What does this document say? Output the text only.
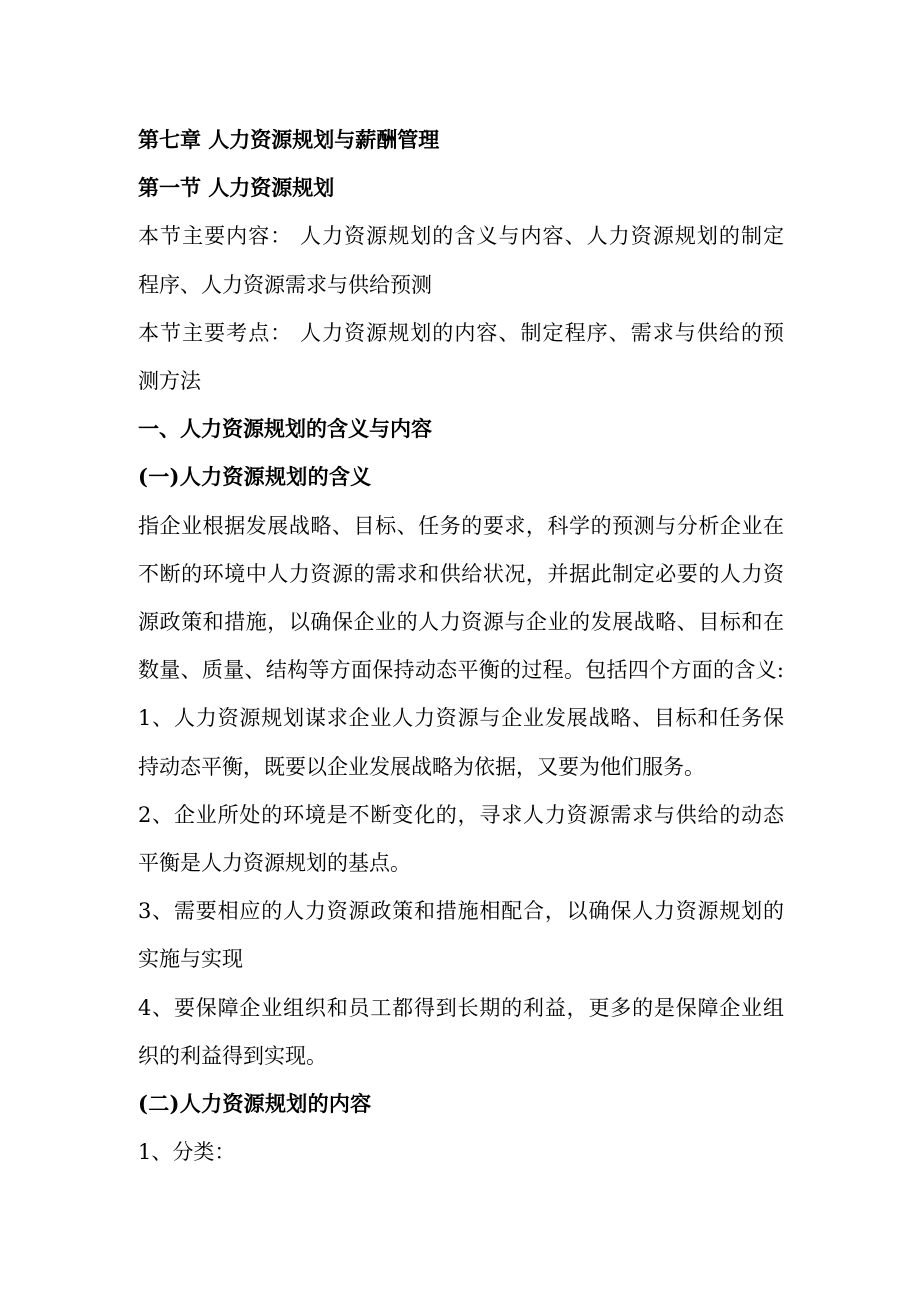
第七章 人力资源规划与薪酬管理

第一节 人力资源规划

本节主要内容： 人力资源规划的含义与内容、人力资源规划的制定

程序、人力资源需求与供给预测

本节主要考点： 人力资源规划的内容、制定程序、需求与供给的预

测方法

一、人力资源规划的含义与内容

(一)人力资源规划的含义

指企业根据发展战略、目标、任务的要求，科学的预测与分析企业在

不断的环境中人力资源的需求和供给状况，并据此制定必要的人力资

源政策和措施，以确保企业的人力资源与企业的发展战略、目标和在

数量、质量、结构等方面保持动态平衡的过程。包括四个方面的含义:

1、人力资源规划谋求企业人力资源与企业发展战略、目标和任务保

持动态平衡，既要以企业发展战略为依据，又要为他们服务。

2、企业所处的环境是不断变化的，寻求人力资源需求与供给的动态

平衡是人力资源规划的基点。

3、需要相应的人力资源政策和措施相配合，以确保人力资源规划的

实施与实现

4、要保障企业组织和员工都得到长期的利益，更多的是保障企业组

织的利益得到实现。

(二)人力资源规划的内容

1、分类：
